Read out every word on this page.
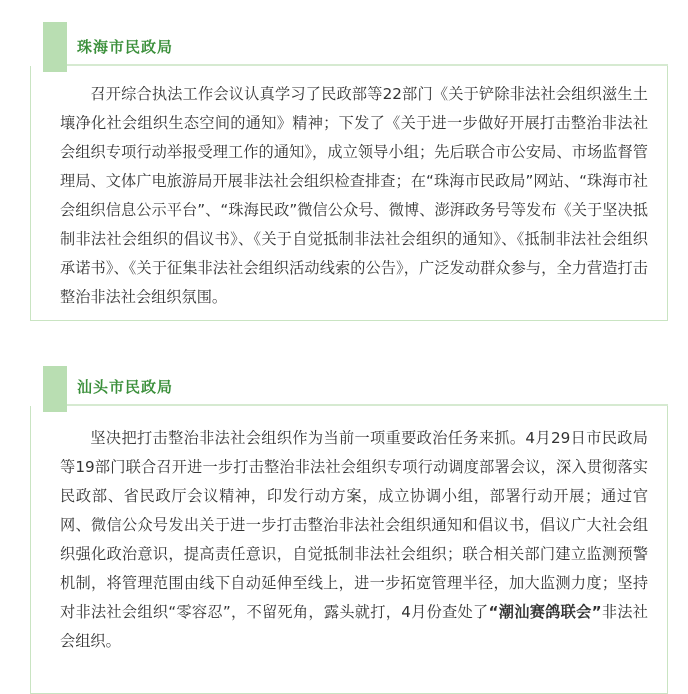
珠海市民政局

召开综合执法工作会议认真学习了民政部等22部门《关于铲除非法社会组织滋生土壤净化社会组织生态空间的通知》精神；下发了《关于进一步做好开展打击整治非法社会组织专项行动举报受理工作的通知》，成立领导小组；先后联合市公安局、市场监督管理局、文体广电旅游局开展非法社会组织检查排查；在“珠海市民政局”网站、“珠海市社会组织信息公示平台”、“珠海民政”微信公众号、微博、澎湃政务号等发布《关于坚决抵制非法社会组织的倡议书》、《关于自觉抵制非法社会组织的通知》、《抵制非法社会组织承诺书》、《关于征集非法社会组织活动线索的公告》，广泛发动群众参与，全力营造打击整治非法社会组织氛围。

汕头市民政局

坚决把打击整治非法社会组织作为当前一项重要政治任务来抓。4月29日市民政局等19部门联合召开进一步打击整治非法社会组织专项行动调度部署会议，深入贯彻落实民政部、省民政厅会议精神，印发行动方案，成立协调小组，部署行动开展；通过官网、微信公众号发出关于进一步打击整治非法社会组织通知和倡议书，倡议广大社会组织强化政治意识，提高责任意识，自觉抵制非法社会组织；联合相关部门建立监测预警机制，将管理范围由线下自动延伸至线上，进一步拓宽管理半径，加大监测力度；坚持对非法社会组织“零容忍”，不留死角，露头就打，4月份查处了“潮汕赛鸽联会”非法社会组织。
